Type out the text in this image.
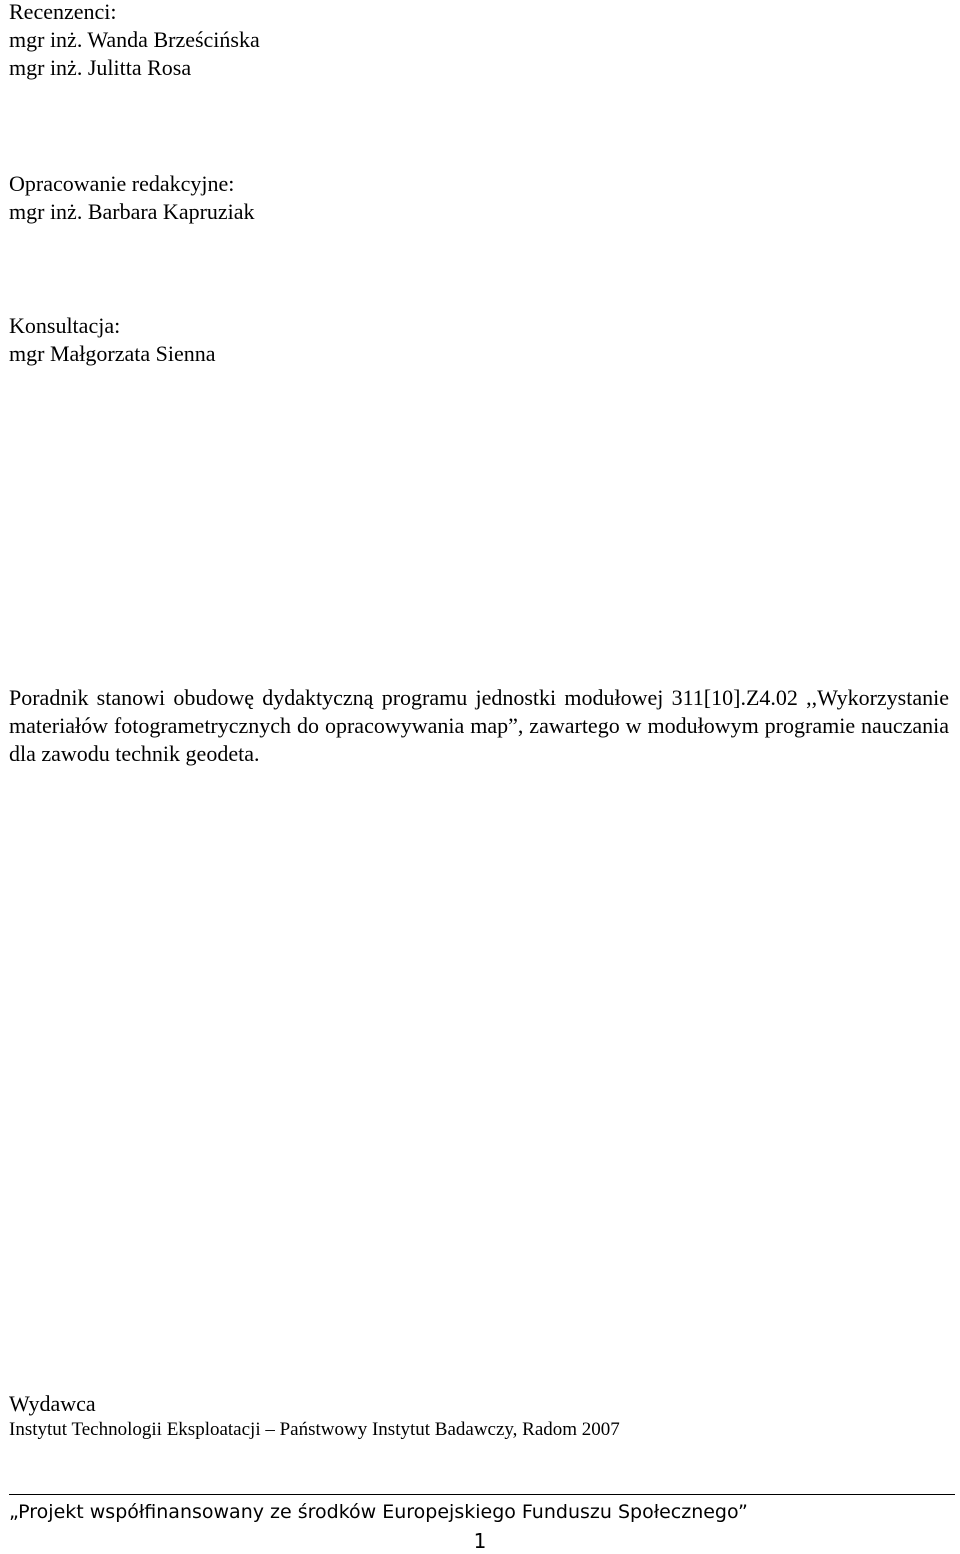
Recenzenci:
mgr inż. Wanda Brześcińska
mgr inż. Julitta Rosa
Opracowanie redakcyjne:
mgr inż. Barbara Kapruziak
Konsultacja:
mgr Małgorzata Sienna
Poradnik stanowi obudowę dydaktyczną programu jednostki modułowej 311[10].Z4.02 ,,Wykorzystanie materiałów fotogrametrycznych do opracowywania map”, zawartego w modułowym programie nauczania dla zawodu technik geodeta.
Wydawca
Instytut Technologii Eksploatacji – Państwowy Instytut Badawczy, Radom 2007
„Projekt współfinansowany ze środków Europejskiego Funduszu Społecznego”
1
